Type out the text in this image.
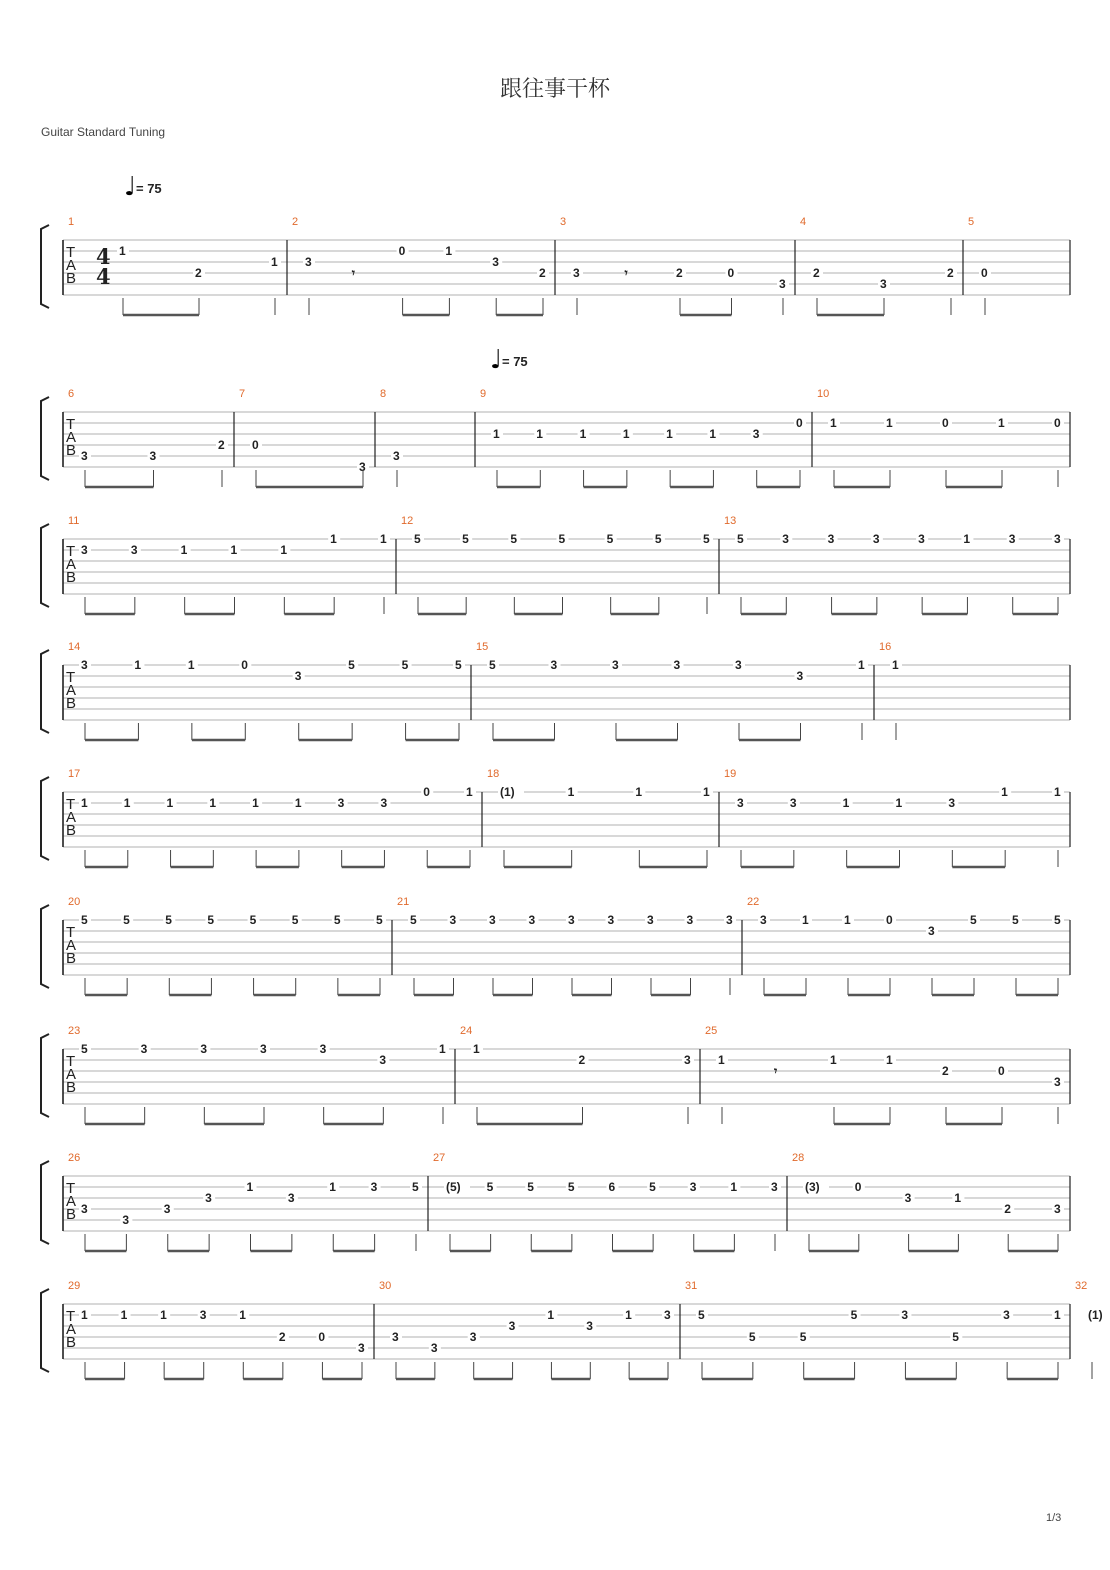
跟往事干杯
Guitar Standard Tuning
1/3
T
A
B
4
4
♩ = 75
1
1
2
1
2
3
𝄾
0	1
3
2
3
3	𝄾	2	0
3
4
2
3
2
5
0
T
A
B
♩ = 75
6
3	3
2
7
0
3
8
3
9
1	1	1	1	1	1	3
0
10
1	1	0	1	0
T
A
B
11
3	3	1	1	1
1	1
12
5	5	5	5	5	5	5
13
5	3	3	3	3	1	3	3
T
A
B
14
3	1	1	0
3
5	5	5
15
5	3	3	3	3
3
1
16
1
T
A
B
17
1	1	1	1	1	1	3	3
0	1
18
(1)	1	1	1
19
3	3	1	1	3
1	1
T
A
B
20
5	5	5	5	5	5	5	5
21
5	3	3	3	3	3	3	3	3
22
3	1	1	0
3
5	5	5
T
A
B
23
5	3	3	3	3
3
1
24
1
2	3
25
1
𝄾
1	1
2	0
3
T
A
B
26
3
3
3
3
1
3
1	3	5
27
(5) 5	5	5	6	5	3	1	3
28
(3)	0
3	1
2	3
T
A
B
29
1	1	1	3	1
2	0
3
30
3
3
3
3
1
3
1	3
31
5
5	5
5	3
5
3	1
32
(1)
